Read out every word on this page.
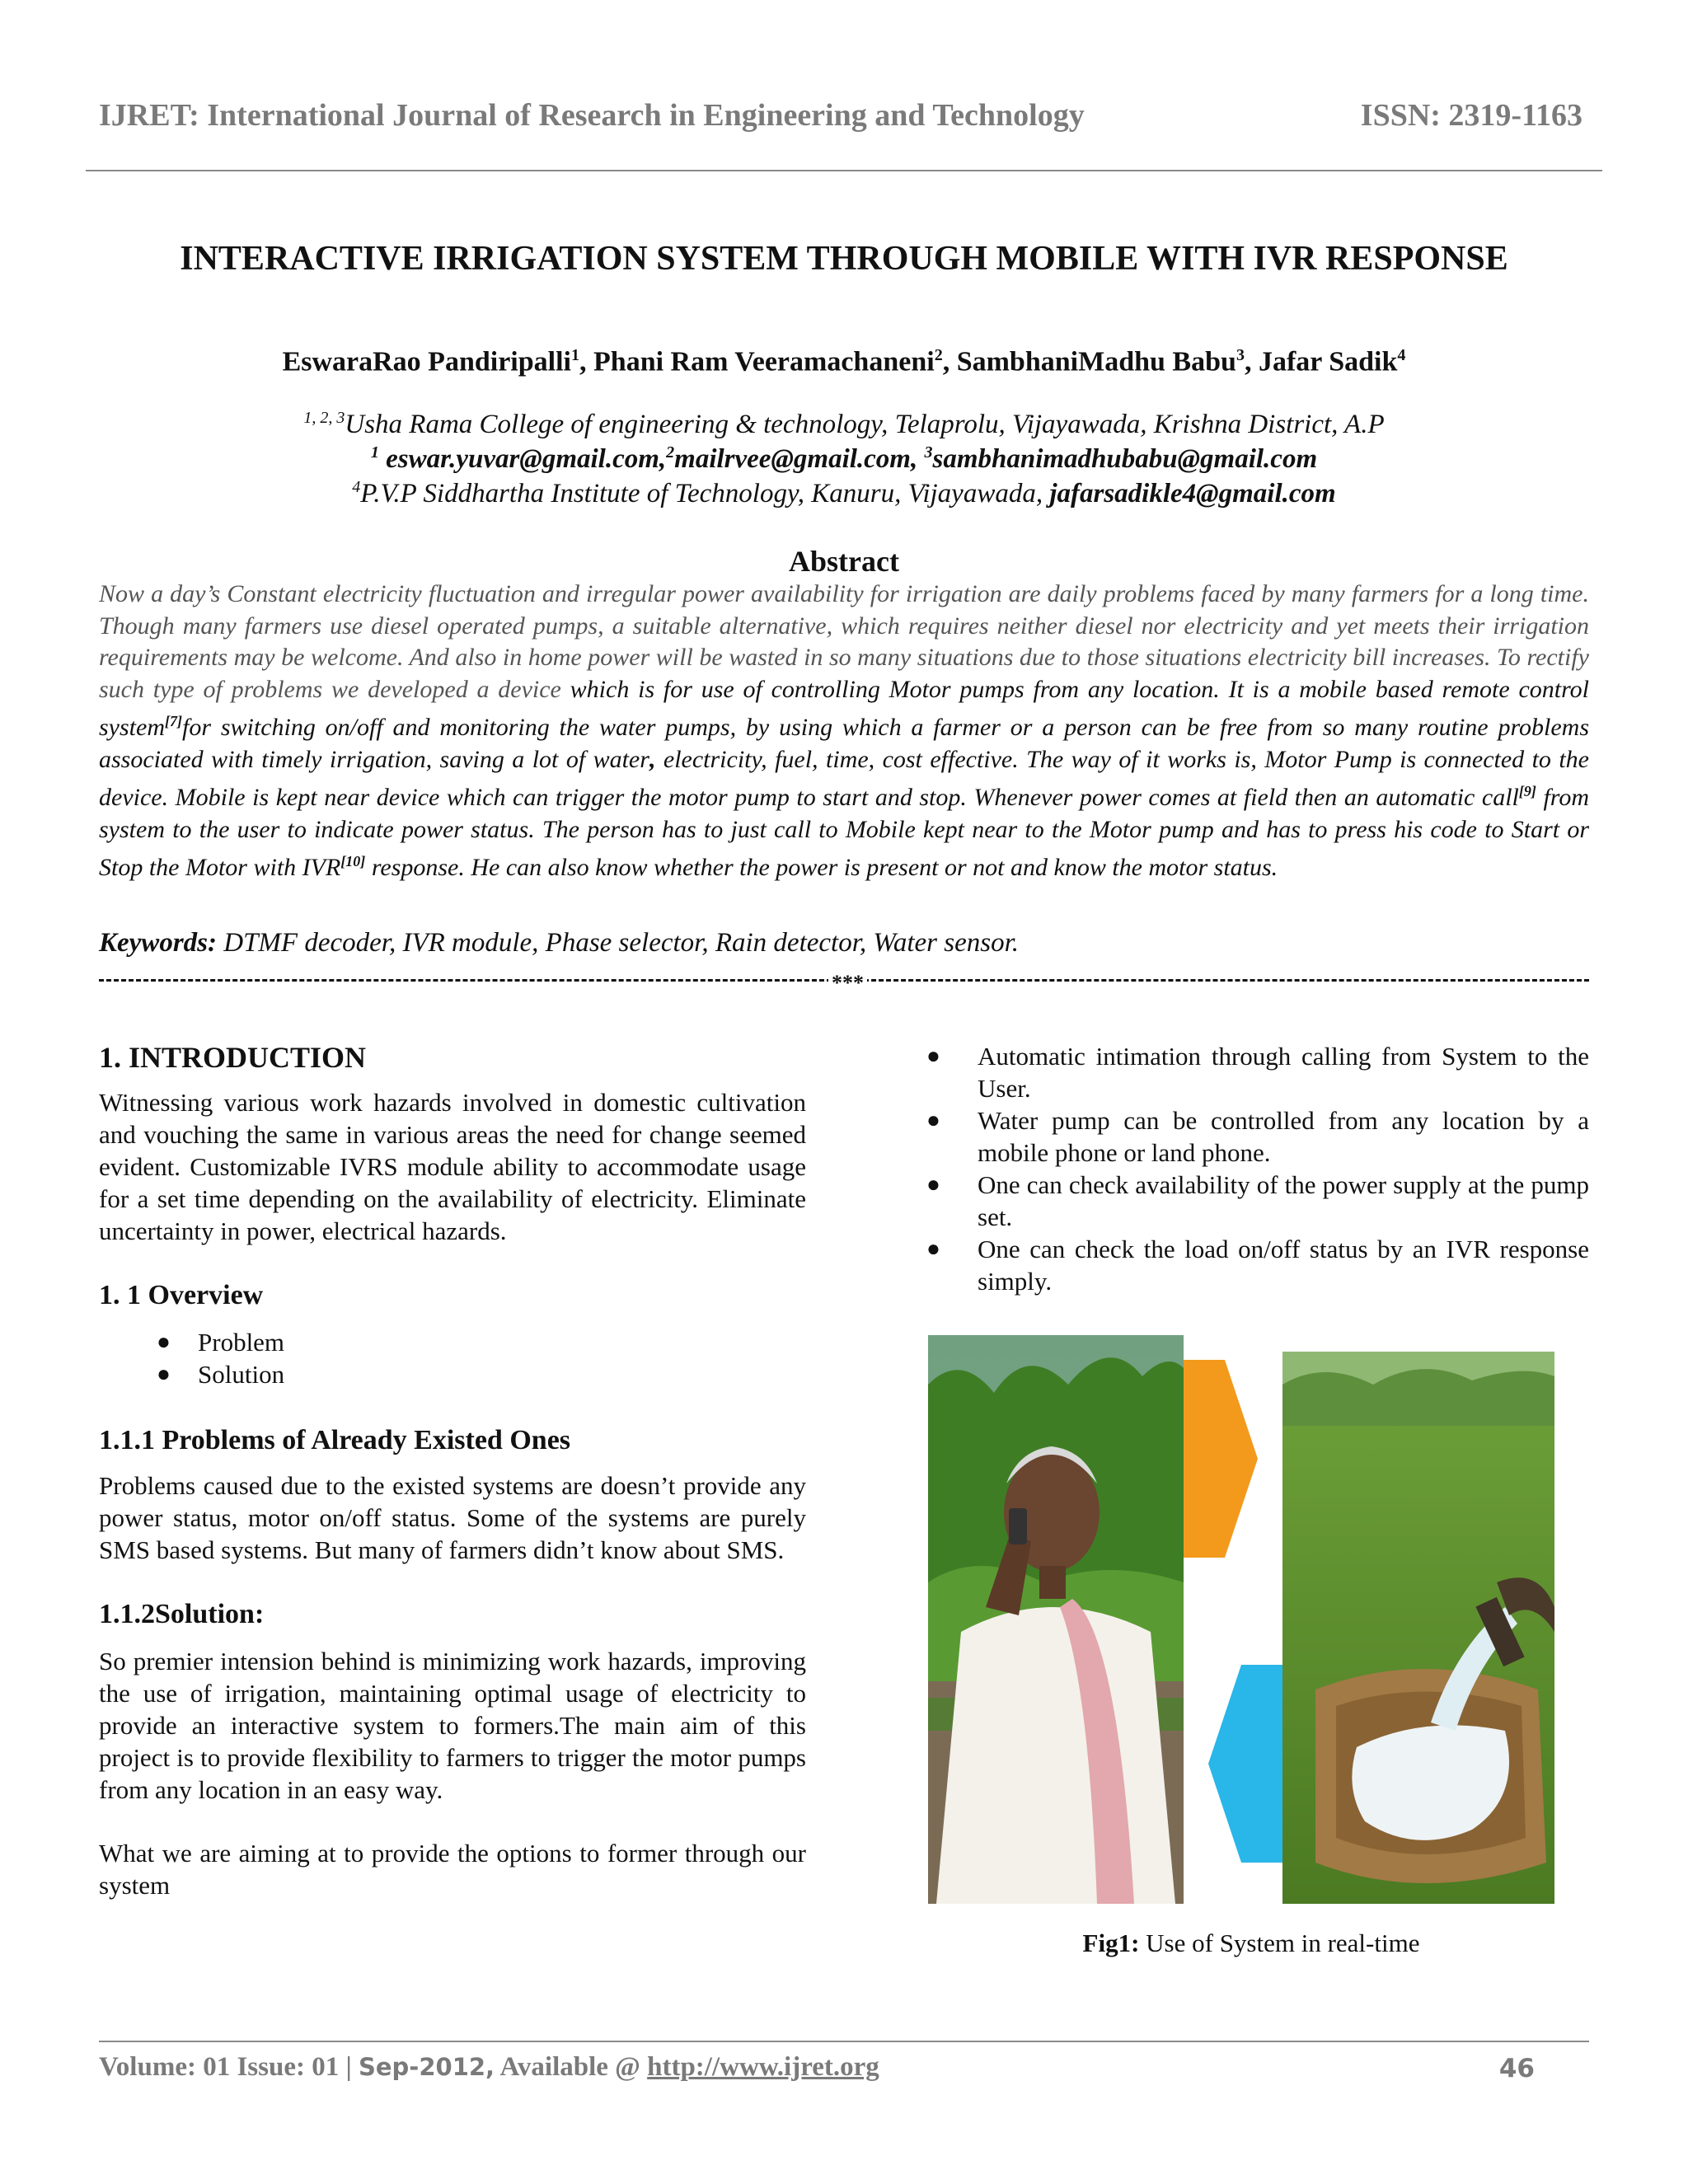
IJRET: International Journal of Research in Engineering and Technology	ISSN: 2319-1163
INTERACTIVE IRRIGATION SYSTEM THROUGH MOBILE WITH IVR RESPONSE
EswaraRao Pandiripalli$^1$, Phani Ram Veeramachaneni$^2$, SambhaniMadhu Babu$^3$, Jafar Sadik$^4$
$^{1, 2, 3}$Usha Rama College of engineering & technology, Telaprolu, Vijayawada, Krishna District, A.P
$^1$ eswar.yuvar@gmail.com,$^2$mailrvee@gmail.com, $^3$sambhanimadhubabu@gmail.com
$^4$P.V.P Siddhartha Institute of Technology, Kanuru, Vijayawada, jafarsadikle4@gmail.com
Abstract
Now a day’s Constant electricity fluctuation and irregular power availability for irrigation are daily problems faced by many farmers for a long time. Though many farmers use diesel operated pumps, a suitable alternative, which requires neither diesel nor electricity and yet meets their irrigation requirements may be welcome. And also in home power will be wasted in so many situations due to those situations electricity bill increases. To rectify such type of problems we developed a device which is for use of controlling Motor pumps from any location. It is a mobile based remote control system[7]for switching on/off and monitoring the water pumps, by using which a farmer or a person can be free from so many routine problems associated with timely irrigation, saving a lot of water, electricity, fuel, time, cost effective. The way of it works is, Motor Pump is connected to the device. Mobile is kept near device which can trigger the motor pump to start and stop. Whenever power comes at field then an automatic call[9] from system to the user to indicate power status. The person has to just call to Mobile kept near to the Motor pump and has to press his code to Start or Stop the Motor with IVR[10] response. He can also know whether the power is present or not and know the motor status.
Keywords: DTMF decoder, IVR module, Phase selector, Rain detector, Water sensor.
***
1. INTRODUCTION

Witnessing various work hazards involved in domestic cultivation and vouching the same in various areas the need for change seemed evident. Customizable IVRS module ability to accommodate usage for a set time depending on the availability of electricity. Eliminate uncertainty in power, electrical hazards.

1. 1 Overview
● Problem
● Solution
1.1.1 Problems of Already Existed Ones

Problems caused due to the existed systems are doesn’t provide any power status, motor on/off status. Some of the systems are purely SMS based systems. But many of farmers didn’t know about SMS.

1.1.2Solution:

So premier intension behind is minimizing work hazards, improving the use of irrigation, maintaining optimal usage of electricity to provide an interactive system to formers.The main aim of this project is to provide flexibility to farmers to trigger the motor pumps from any location in an easy way.

What we are aiming at to provide the options to former through our system

● Automatic intimation through calling from System to the User.
● Water pump can be controlled from any location by a mobile phone or land phone.
● One can check availability of the power supply at the pump set.
● One can check the load on/off status by an IVR response simply.
Fig1: Use of System in real-time
Volume: 01 Issue: 01 | Sep-2012, Available @ http://www.ijret.org	46
